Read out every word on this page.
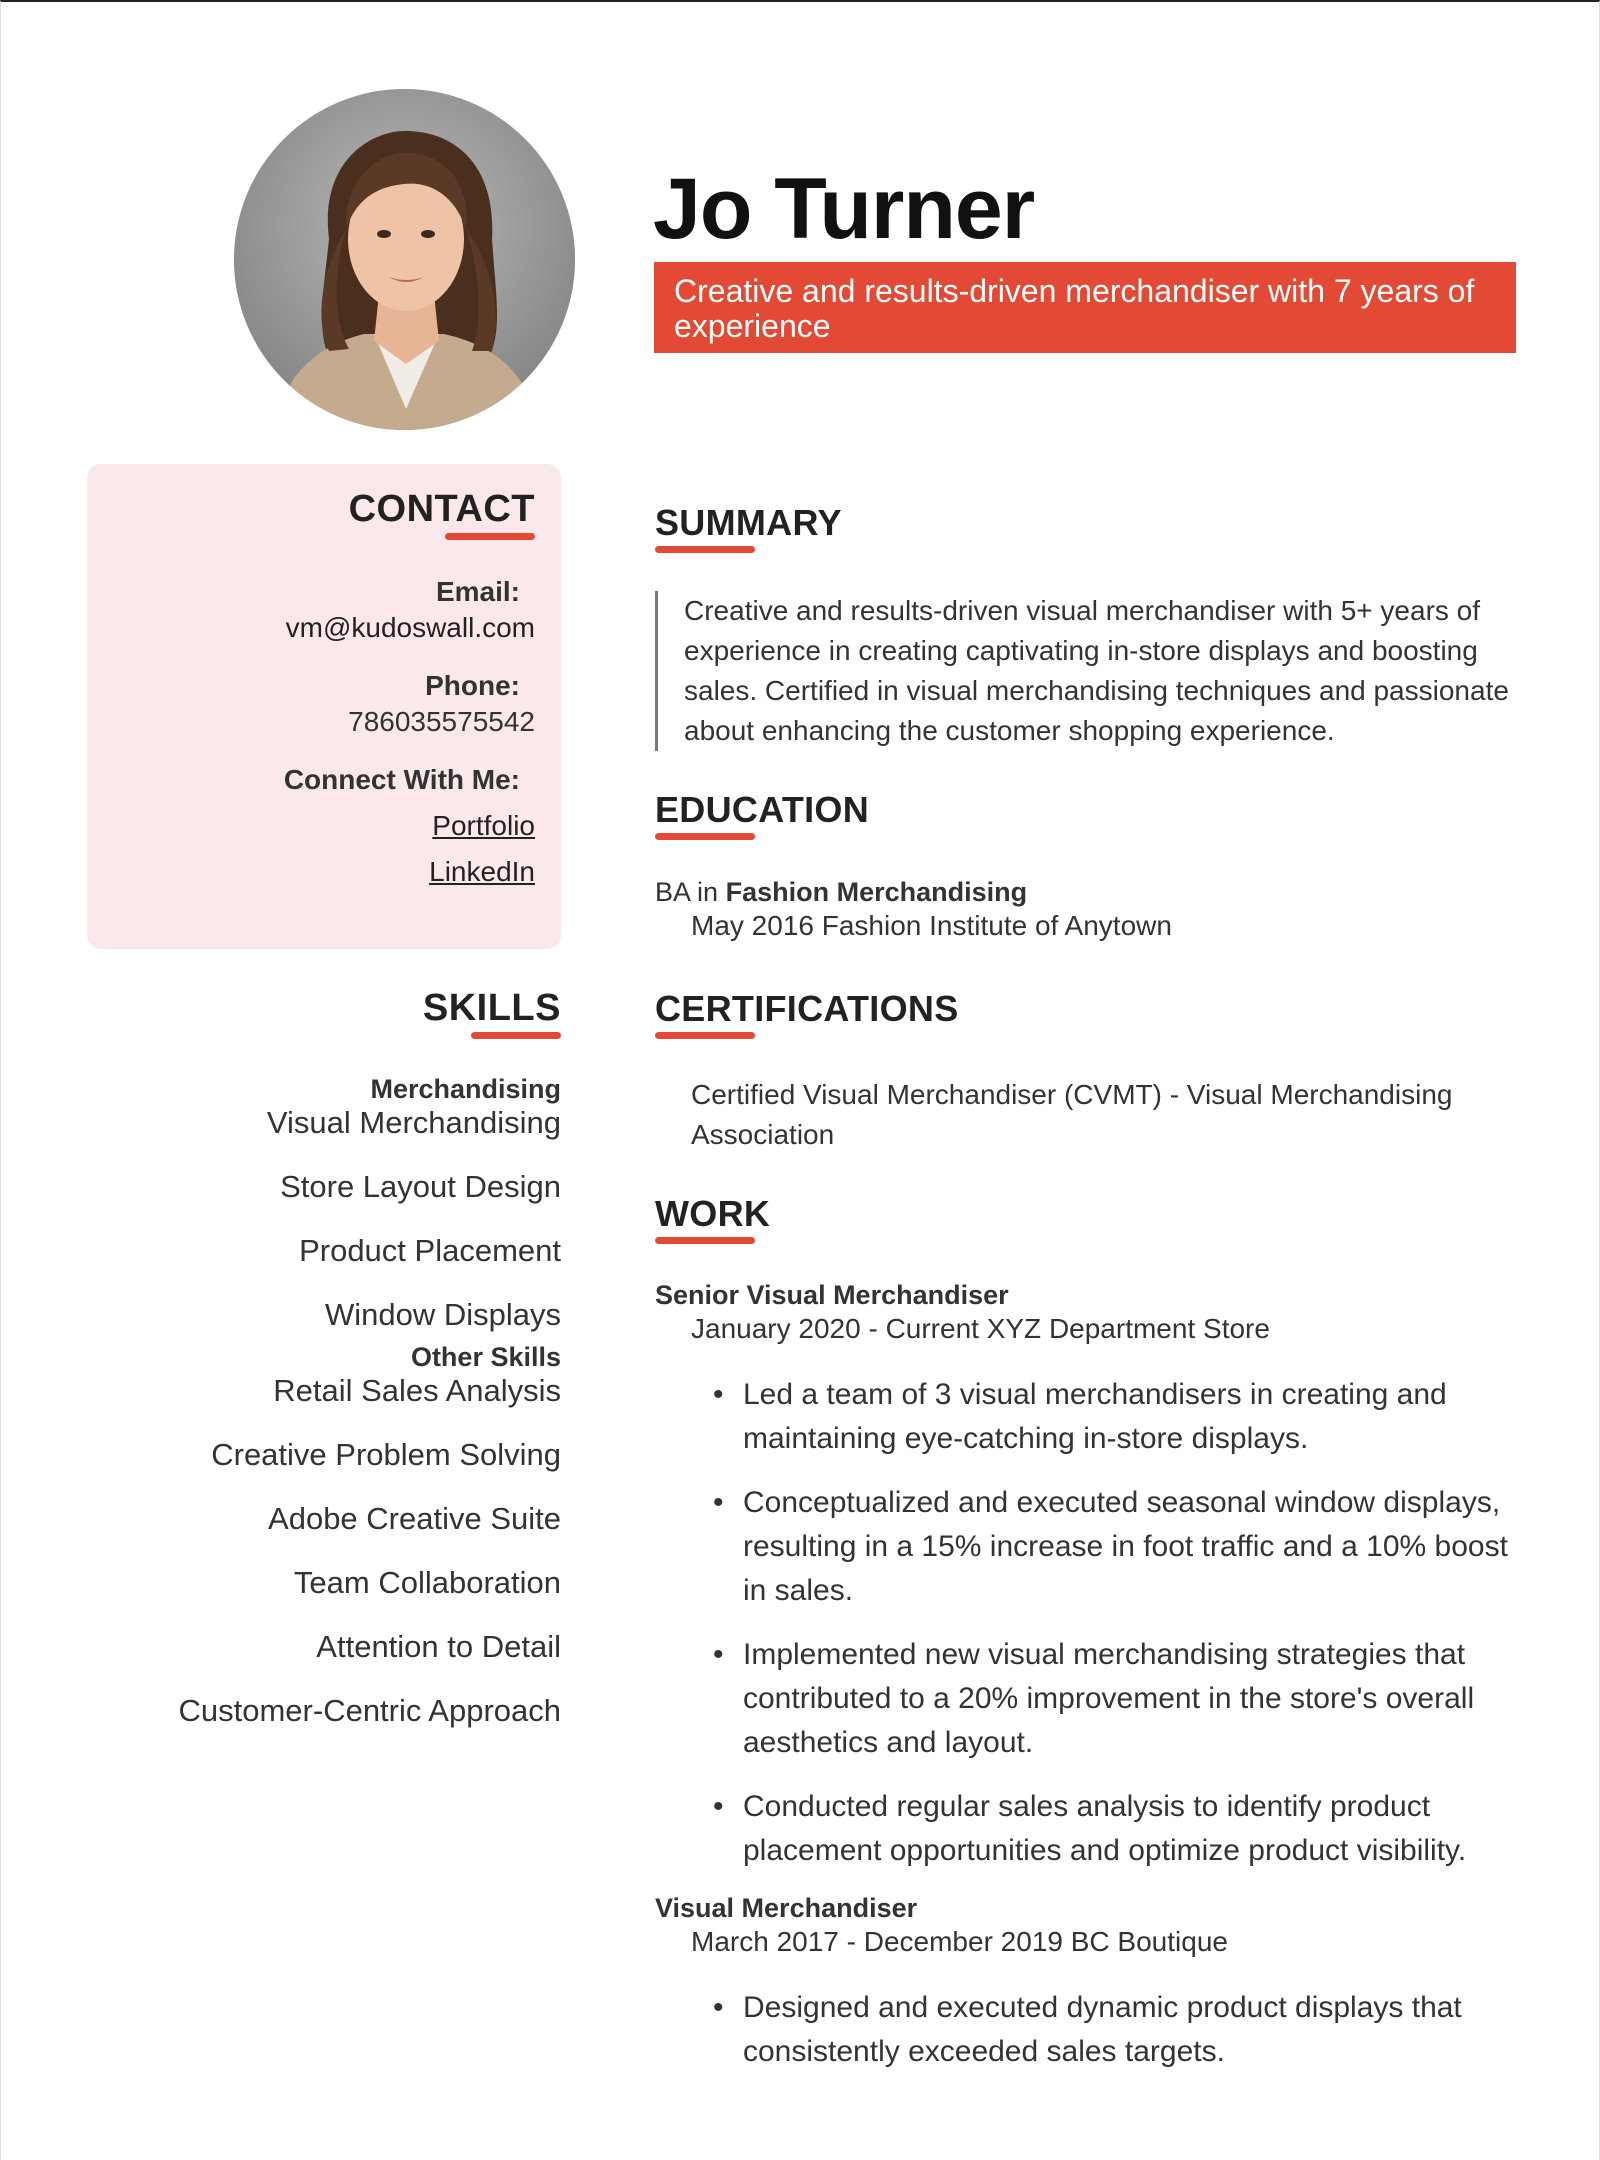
Jo Turner
Creative and results-driven merchandiser with 7 years of experience
CONTACT
Email:
vm@kudoswall.com
Phone:
786035575542
Connect With Me:
Portfolio
LinkedIn
SKILLS
Merchandising
Visual Merchandising
Store Layout Design
Product Placement
Window Displays
Other Skills
Retail Sales Analysis
Creative Problem Solving
Adobe Creative Suite
Team Collaboration
Attention to Detail
Customer-Centric Approach
SUMMARY

Creative and results-driven visual merchandiser with 5+ years of experience in creating captivating in-store displays and boosting sales. Certified in visual merchandising techniques and passionate about enhancing the customer shopping experience.

EDUCATION
BA in Fashion Merchandising
May 2016 Fashion Institute of Anytown
CERTIFICATIONS
Certified Visual Merchandiser (CVMT) - Visual Merchandising Association
WORK
Senior Visual Merchandiser
January 2020 - Current XYZ Department Store
• Led a team of 3 visual merchandisers in creating and maintaining eye-catching in-store displays.
• Conceptualized and executed seasonal window displays, resulting in a 15% increase in foot traffic and a 10% boost in sales.
• Implemented new visual merchandising strategies that contributed to a 20% improvement in the store's overall aesthetics and layout.
• Conducted regular sales analysis to identify product placement opportunities and optimize product visibility.
Visual Merchandiser
March 2017 - December 2019 BC Boutique
• Designed and executed dynamic product displays that consistently exceeded sales targets.
